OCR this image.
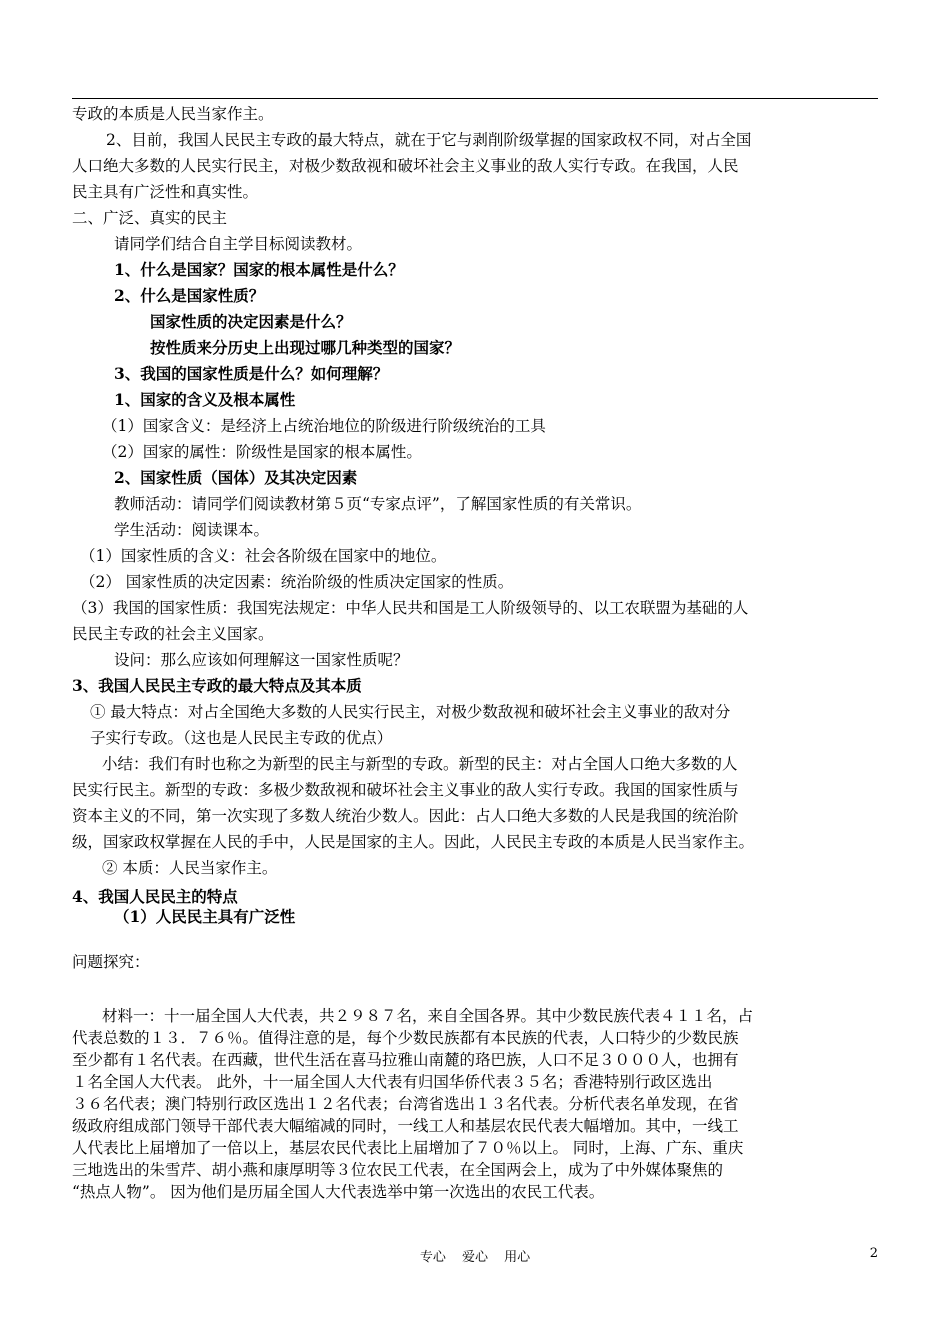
专政的本质是人民当家作主。
2、目前，我国人民民主专政的最大特点，就在于它与剥削阶级掌握的国家政权不同，对占全国
人口绝大多数的人民实行民主，对极少数敌视和破坏社会主义事业的敌人实行专政。在我国，人民
民主具有广泛性和真实性。
二、广泛、真实的民主
请同学们结合自主学目标阅读教材。
1、什么是国家？国家的根本属性是什么？
2、什么是国家性质？
国家性质的决定因素是什么？
按性质来分历史上出现过哪几种类型的国家？
3、我国的国家性质是什么？如何理解？
1、国家的含义及根本属性
（1）国家含义：是经济上占统治地位的阶级进行阶级统治的工具
（2）国家的属性：阶级性是国家的根本属性。
2、国家性质（国体）及其决定因素
教师活动：请同学们阅读教材第５页“专家点评”，了解国家性质的有关常识。
学生活动：阅读课本。
（1）国家性质的含义：社会各阶级在国家中的地位。
（2） 国家性质的决定因素：统治阶级的性质决定国家的性质。
（3）我国的国家性质：我国宪法规定：中华人民共和国是工人阶级领导的、以工农联盟为基础的人
民民主专政的社会主义国家。
设问：那么应该如何理解这一国家性质呢？
3、我国人民民主专政的最大特点及其本质
① 最大特点：对占全国绝大多数的人民实行民主，对极少数敌视和破坏社会主义事业的敌对分
子实行专政。（这也是人民民主专政的优点）
小结：我们有时也称之为新型的民主与新型的专政。新型的民主：对占全国人口绝大多数的人
民实行民主。新型的专政：多极少数敌视和破坏社会主义事业的敌人实行专政。我国的国家性质与
资本主义的不同，第一次实现了多数人统治少数人。因此：占人口绝大多数的人民是我国的统治阶
级，国家政权掌握在人民的手中，人民是国家的主人。因此，人民民主专政的本质是人民当家作主。
② 本质：人民当家作主。
4、我国人民民主的特点
（1）人民民主具有广泛性
问题探究：
材料一：十一届全国人大代表，共２９８７名，来自全国各界。其中少数民族代表４１１名，占
代表总数的１３．７６％。值得注意的是，每个少数民族都有本民族的代表，人口特少的少数民族
至少都有１名代表。在西藏，世代生活在喜马拉雅山南麓的珞巴族，人口不足３０００人，也拥有
１名全国人大代表。 此外，十一届全国人大代表有归国华侨代表３５名；香港特别行政区选出
３６名代表；澳门特别行政区选出１２名代表；台湾省选出１３名代表。分析代表名单发现，在省
级政府组成部门领导干部代表大幅缩减的同时，一线工人和基层农民代表大幅增加。其中，一线工
人代表比上届增加了一倍以上，基层农民代表比上届增加了７０％以上。 同时，上海、广东、重庆
三地选出的朱雪芹、胡小燕和康厚明等３位农民工代表，在全国两会上，成为了中外媒体聚焦的
“热点人物”。 因为他们是历届全国人大代表选举中第一次选出的农民工代表。
专心 爱心 用心	2
